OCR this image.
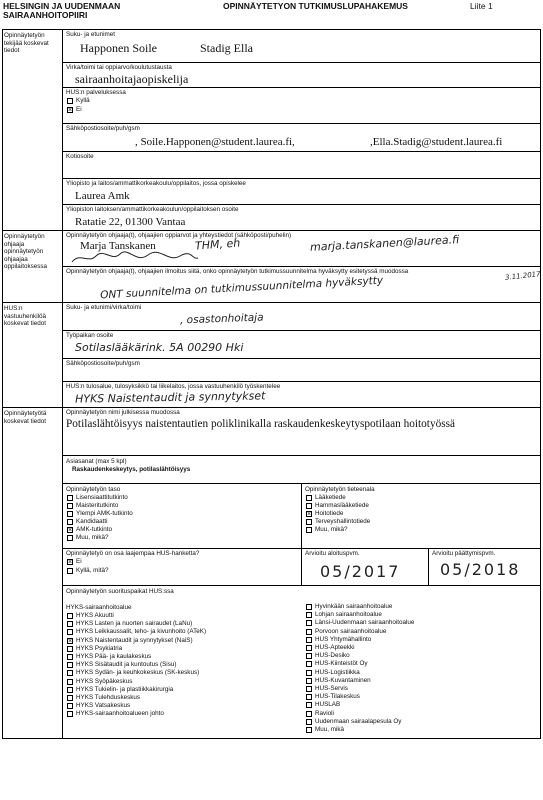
HELSINGIN JA UUDENMAAN
SAIRAANHOITOPIIRI
OPINNÄYTETYON TUTKIMUSLUPAHAKEMUS	Liite 1
Opinnäytetyön tekijää koskevat tiedot
Opinnäytetyön ohjaaja opinnäytetyön ohjaajaa oppilaitoksessa
HUS:n vastuuhenkilöä koskevat tiedot
Opinnäytetyötä koskevat tiedot
Suku- ja etunimet
Happonen Soile	Stadig Ella
Virka/toimi tai oppiarvo/koulutustausta
sairaanhoitajaopiskelija
HUS:n palveluksessa
Kyllä
× Ei
Sähköpostiosoite/puh/gsm
, Soile.Happonen@student.laurea.fi,	,Ella.Stadig@student.laurea.fi
Kotiosoite
Yliopisto ja laitos/ammattikorkeakoulu/oppilaitos, jossa opiskelee
Laurea Amk
Yliopiston laitoksen/ammattikorkeakoulun/oppilaitoksen osoite
Ratatie 22, 01300 Vantaa
Opinnäytetyön ohjaaja(t), ohjaajien oppiarvot ja yhteystiedot (sähköposti/puhelin)
Marja Tanskanen	THM, eh	marja.tanskanen@laurea.fi
Opinnäytetyön ohjaaja(t), ohjaajien ilmoitus siitä, onko opinnäytetyön tutkimussuunnitelma hyväksytty esitetyssä muodossa	3.11.2017
ONT suunnitelma on tutkimussuunnitelma hyväksytty
Suku- ja etunimi/virka/toimi
, osastonhoitaja
Työpaikan osoite
Sotilaslääkärink. 5A 00290 Hki
Sähköpostiosoite/puh/gsm
HUS:n tulosalue, tulosyksikkö tai liikelaitos, jossa vastuuhenkilö työskentelee
HYKS Naistentaudit ja synnytykset
Opinnäytetyön nimi julkisessa muodossa
Potilaslähtöisyys naistentautien poliklinikalla raskaudenkeskeytyspotilaan hoitotyössä
Asiasanat (max 5 kpl)
Raskaudenkeskeytys, potilaslähtöisyys
Opinnäytetyön taso
Lisensiaattitutkinto
Maisteritutkinto
Ylempi AMK-tutkinto
Kandidaatti
× AMK-tutkinto
Muu, mikä?
Opinnäytetyön tieteenala
Lääketiede
Hammaslääketiede
× Hoitotiede
Terveyshallintotiede
Muu, mikä?
Opinnäytetyö on osa laajempaa HUS-hanketta?
× Ei
Kyllä, mitä?
Arvioitu aloituspvm.
05/2017
Arvioitu päättymispvm.
05/2018
Opinnäytetyön suorituspaikat HUS:ssa
HYKS-sairaanhoitoalue
HYKS Akuutti
HYKS Lasten ja nuorten sairaudet (LaNu)
HYKS Leikkaussalit, teho- ja kivunhoito (ATeK)
× HYKS Naistentaudit ja synnytykset (NaiS)
HYKS Psykiatria
HYKS Pää- ja kaulakeskus
HYKS Sisätaudit ja kuntoutus (Sisu)
HYKS Sydän- ja keuhkokeskus (SK-keskus)
HYKS Syöpäkeskus
HYKS Tukielin- ja plastiikkakirurgia
HYKS Tulehduskeskus
HYKS Vatsakeskus
HYKS-sairaanhoitoalueen johto
Hyvinkään sairaanhoitoalue
Lohjan sairaanhoitoalue
Länsi-Uudenmaan sairaanhoitoalue
Porvoon sairaanhoitoalue
HUS Yhtymähallinto
HUS-Apteekki
HUS-Desiko
HUS-Kiinteistöt Oy
HUS-Logistiikka
HUS-Kuvantaminen
HUS-Servis
HUS-Tilakeskus
HUSLAB
Ravioli
Uudenmaan sairaalapesula Oy
Muu, mikä
